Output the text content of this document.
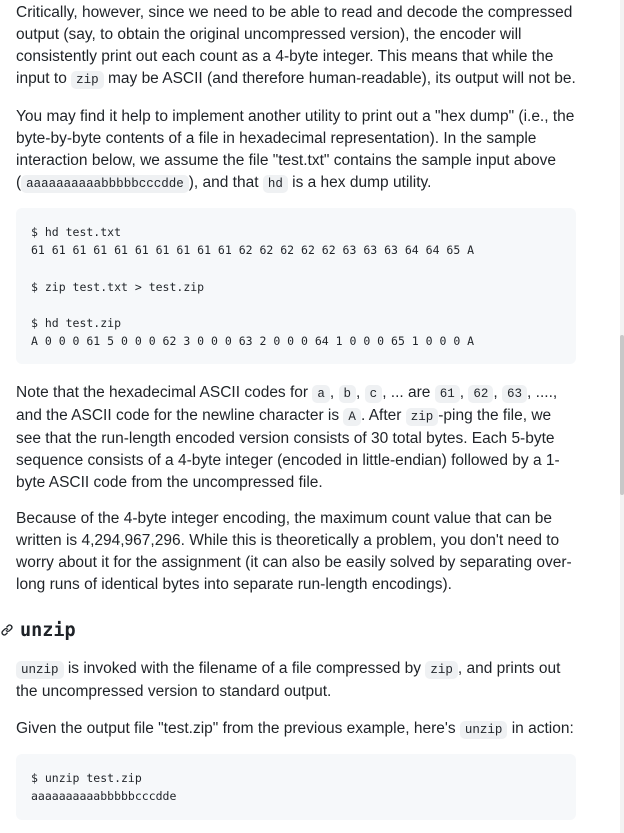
Critically, however, since we need to be able to read and decode the compressed output (say, to obtain the original uncompressed version), the encoder will consistently print out each count as a 4-byte integer. This means that while the input to zip may be ASCII (and therefore human-readable), its output will not be.

You may find it help to implement another utility to print out a "hex dump" (i.e., the byte-by-byte contents of a file in hexadecimal representation). In the sample interaction below, we assume the file "test.txt" contains the sample input above ( aaaaaaaaaabbbbbcccdde ), and that hd is a hex dump utility.

$ hd test.txt
61 61 61 61 61 61 61 61 61 61 62 62 62 62 62 63 63 63 64 64 65 A
$ zip test.txt > test.zip
$ hd test.zip
A 0 0 0 61 5 0 0 0 62 3 0 0 0 63 2 0 0 0 64 1 0 0 0 65 1 0 0 0 A

Note that the hexadecimal ASCII codes for a , b , c , ... are 61 , 62 , 63 , ...., and the ASCII code for the newline character is A . After zip -ping the file, we see that the run-length encoded version consists of 30 total bytes. Each 5-byte sequence consists of a 4-byte integer (encoded in little-endian) followed by a 1-byte ASCII code from the uncompressed file.

Because of the 4-byte integer encoding, the maximum count value that can be written is 4,294,967,296. While this is theoretically a problem, you don't need to worry about it for the assignment (it can also be easily solved by separating over-long runs of identical bytes into separate run-length encodings).

unzip

unzip is invoked with the filename of a file compressed by zip , and prints out the uncompressed version to standard output.

Given the output file "test.zip" from the previous example, here's unzip in action:

$ unzip test.zip
aaaaaaaaaabbbbbcccdde
